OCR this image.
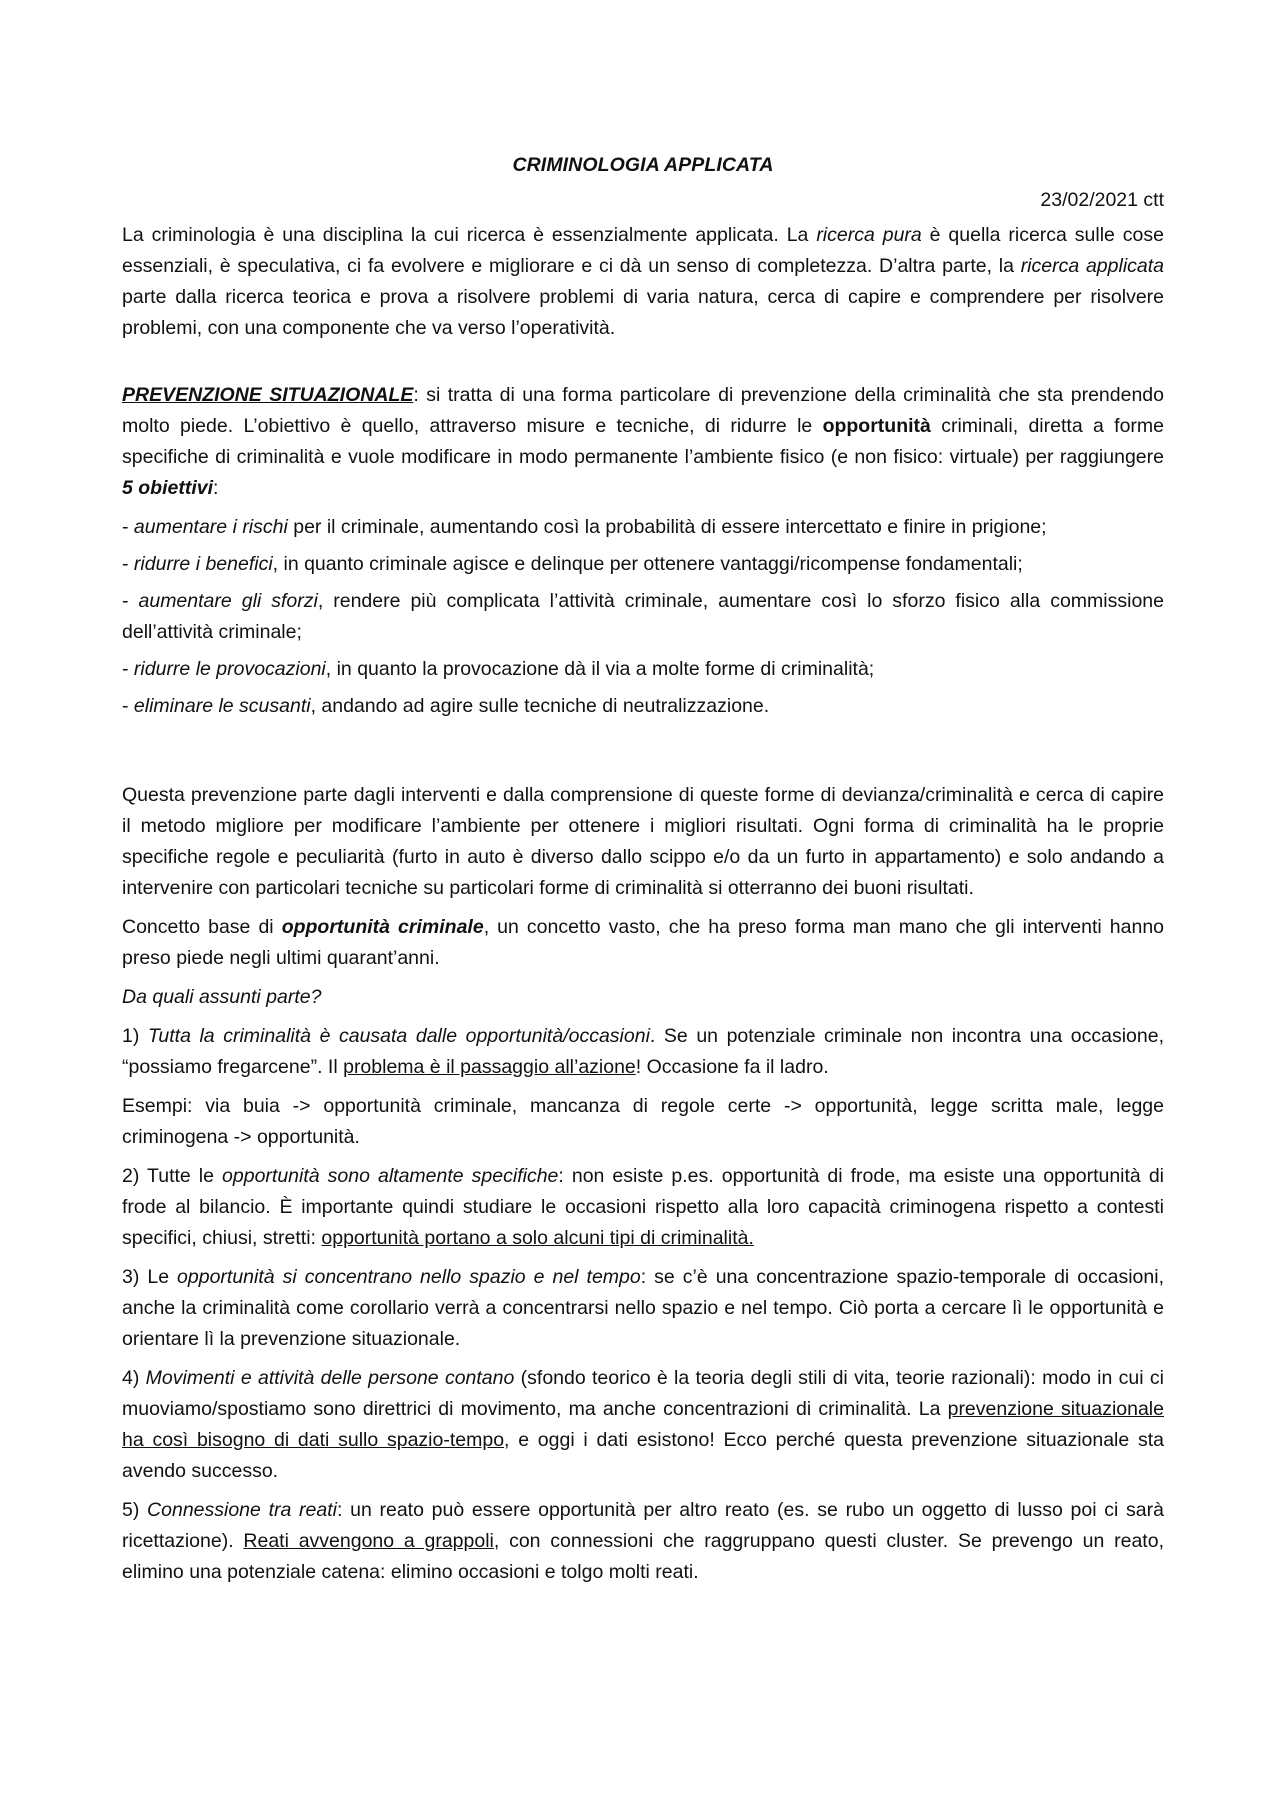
CRIMINOLOGIA APPLICATA
23/02/2021 ctt

La criminologia è una disciplina la cui ricerca è essenzialmente applicata. La ricerca pura è quella ricerca sulle cose essenziali, è speculativa, ci fa evolvere e migliorare e ci dà un senso di completezza. D’altra parte, la ricerca applicata parte dalla ricerca teorica e prova a risolvere problemi di varia natura, cerca di capire e comprendere per risolvere problemi, con una componente che va verso l’operatività.

PREVENZIONE SITUAZIONALE: si tratta di una forma particolare di prevenzione della criminalità che sta prendendo molto piede. L’obiettivo è quello, attraverso misure e tecniche, di ridurre le opportunità criminali, diretta a forme specifiche di criminalità e vuole modificare in modo permanente l’ambiente fisico (e non fisico: virtuale) per raggiungere 5 obiettivi:

- aumentare i rischi per il criminale, aumentando così la probabilità di essere intercettato e finire in prigione;

- ridurre i benefici, in quanto criminale agisce e delinque per ottenere vantaggi/ricompense fondamentali;

- aumentare gli sforzi, rendere più complicata l’attività criminale, aumentare così lo sforzo fisico alla commissione dell’attività criminale;

- ridurre le provocazioni, in quanto la provocazione dà il via a molte forme di criminalità;

- eliminare le scusanti, andando ad agire sulle tecniche di neutralizzazione.

Questa prevenzione parte dagli interventi e dalla comprensione di queste forme di devianza/criminalità e cerca di capire il metodo migliore per modificare l’ambiente per ottenere i migliori risultati. Ogni forma di criminalità ha le proprie specifiche regole e peculiarità (furto in auto è diverso dallo scippo e/o da un furto in appartamento) e solo andando a intervenire con particolari tecniche su particolari forme di criminalità si otterranno dei buoni risultati.

Concetto base di opportunità criminale, un concetto vasto, che ha preso forma man mano che gli interventi hanno preso piede negli ultimi quarant’anni.

Da quali assunti parte?

1) Tutta la criminalità è causata dalle opportunità/occasioni. Se un potenziale criminale non incontra una occasione, “possiamo fregarcene”. Il problema è il passaggio all’azione! Occasione fa il ladro.

Esempi: via buia -> opportunità criminale, mancanza di regole certe -> opportunità, legge scritta male, legge criminogena -> opportunità.

2) Tutte le opportunità sono altamente specifiche: non esiste p.es. opportunità di frode, ma esiste una opportunità di frode al bilancio. È importante quindi studiare le occasioni rispetto alla loro capacità criminogena rispetto a contesti specifici, chiusi, stretti: opportunità portano a solo alcuni tipi di criminalità.

3) Le opportunità si concentrano nello spazio e nel tempo: se c’è una concentrazione spazio-temporale di occasioni, anche la criminalità come corollario verrà a concentrarsi nello spazio e nel tempo. Ciò porta a cercare lì le opportunità e orientare lì la prevenzione situazionale.

4) Movimenti e attività delle persone contano (sfondo teorico è la teoria degli stili di vita, teorie razionali): modo in cui ci muoviamo/spostiamo sono direttrici di movimento, ma anche concentrazioni di criminalità. La prevenzione situazionale ha così bisogno di dati sullo spazio-tempo, e oggi i dati esistono! Ecco perché questa prevenzione situazionale sta avendo successo.

5) Connessione tra reati: un reato può essere opportunità per altro reato (es. se rubo un oggetto di lusso poi ci sarà ricettazione). Reati avvengono a grappoli, con connessioni che raggruppano questi cluster. Se prevengo un reato, elimino una potenziale catena: elimino occasioni e tolgo molti reati.
